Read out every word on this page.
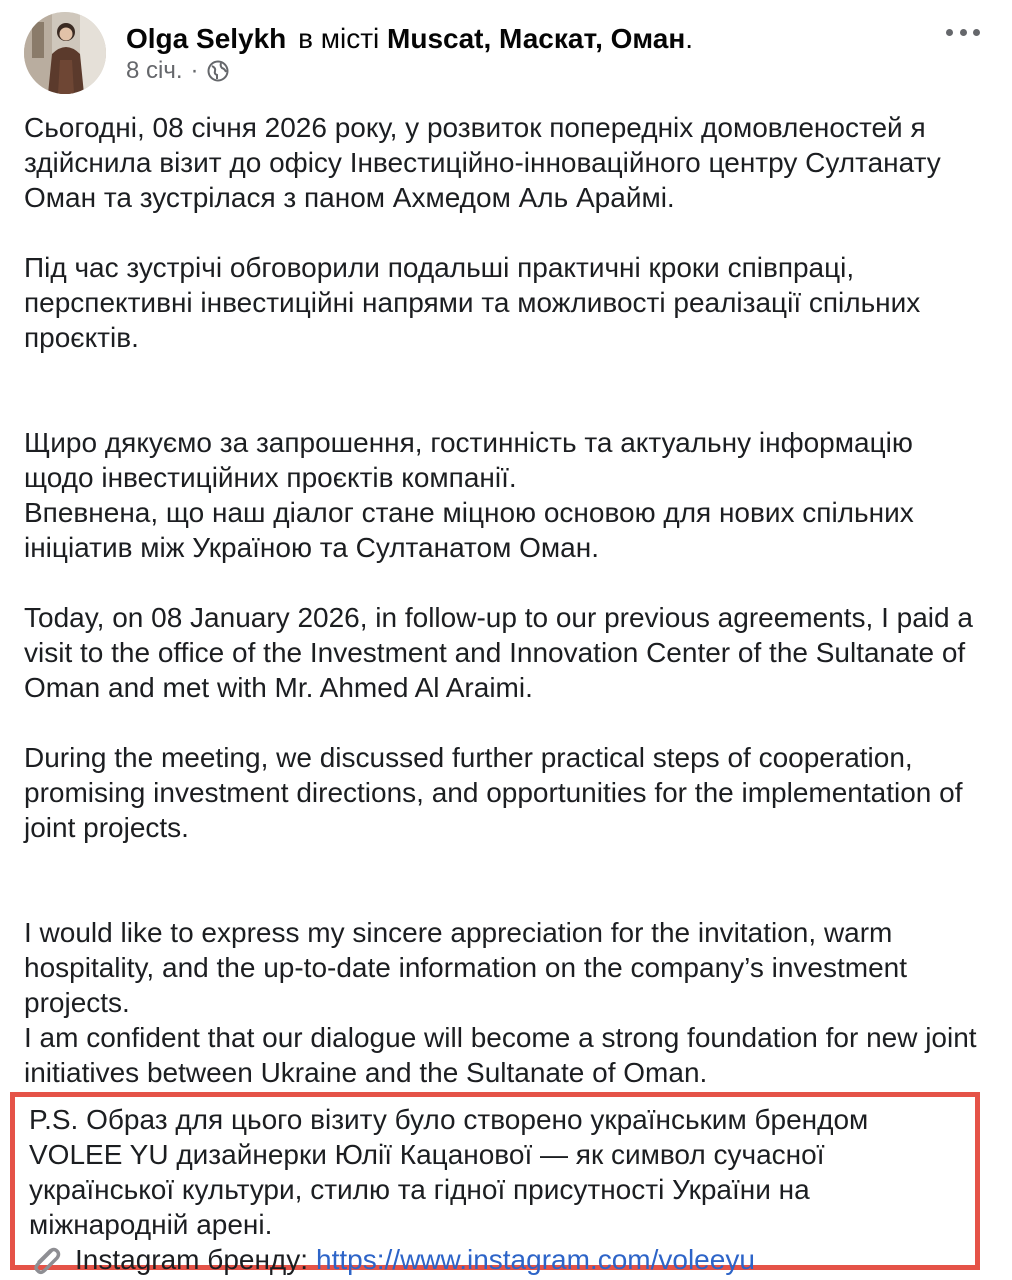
Olga Selykh в місті Muscat, Маскат, Оман.
8 січ. ·

Сьогодні, 08 січня 2026 року, у розвиток попередніх домовленостей я здійснила візит до офісу Інвестиційно-інноваційного центру Султанату Оман та зустрілася з паном Ахмедом Аль Араймі.

Під час зустрічі обговорили подальші практичні кроки співпраці, перспективні інвестиційні напрями та можливості реалізації спільних проєктів.

Щиро дякуємо за запрошення, гостинність та актуальну інформацію щодо інвестиційних проєктів компанії.
Впевнена, що наш діалог стане міцною основою для нових спільних ініціатив між Україною та Султанатом Оман.

Today, on 08 January 2026, in follow-up to our previous agreements, I paid a visit to the office of the Investment and Innovation Center of the Sultanate of Oman and met with Mr. Ahmed Al Araimi.

During the meeting, we discussed further practical steps of cooperation, promising investment directions, and opportunities for the implementation of joint projects.

I would like to express my sincere appreciation for the invitation, warm hospitality, and the up-to-date information on the company’s investment projects.
I am confident that our dialogue will become a strong foundation for new joint initiatives between Ukraine and the Sultanate of Oman.

P.S. Образ для цього візиту було створено українським брендом VOLEE YU дизайнерки Юлії Кацанової — як символ сучасної української культури, стилю та гідної присутності України на міжнародній арені.
Instagram бренду: https://www.instagram.com/voleeyu
